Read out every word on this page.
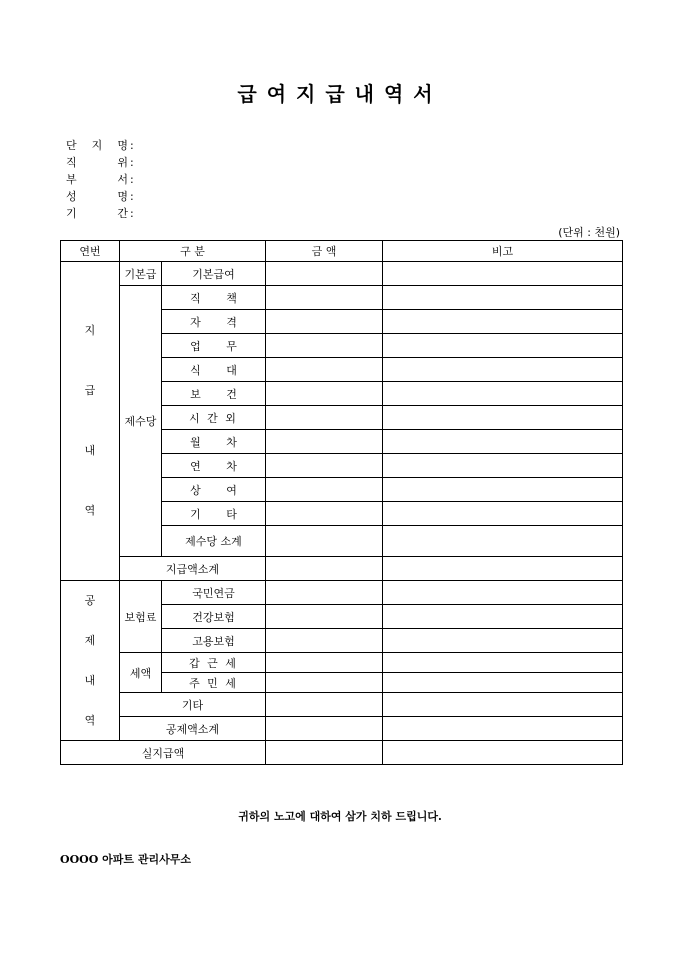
급여지급내역서
단 지 명 :
직	위 :
부	서 :
성	명 :
기	간 :
(단위 : 천원)
연번	구 분		금 액	비고

지

급

내

역	기본급	기본급여		
	제수당	직 책		
		자 격		
		업 무		
		식 대		
		보 건		
		시 간 외		
		월 차		
		연 차		
		상 여		
		기 타		
		제수당 소계		
	지급액소계			

공

제

내

역	보험료	국민연금		
		건강보험		
		고용보험		
	세액	갑 근 세		
		주 민 세		
	기타			
	공제액소계			
실지급액				
귀하의 노고에 대하여 삼가 치하 드립니다.
OOOO 아파트 관리사무소
